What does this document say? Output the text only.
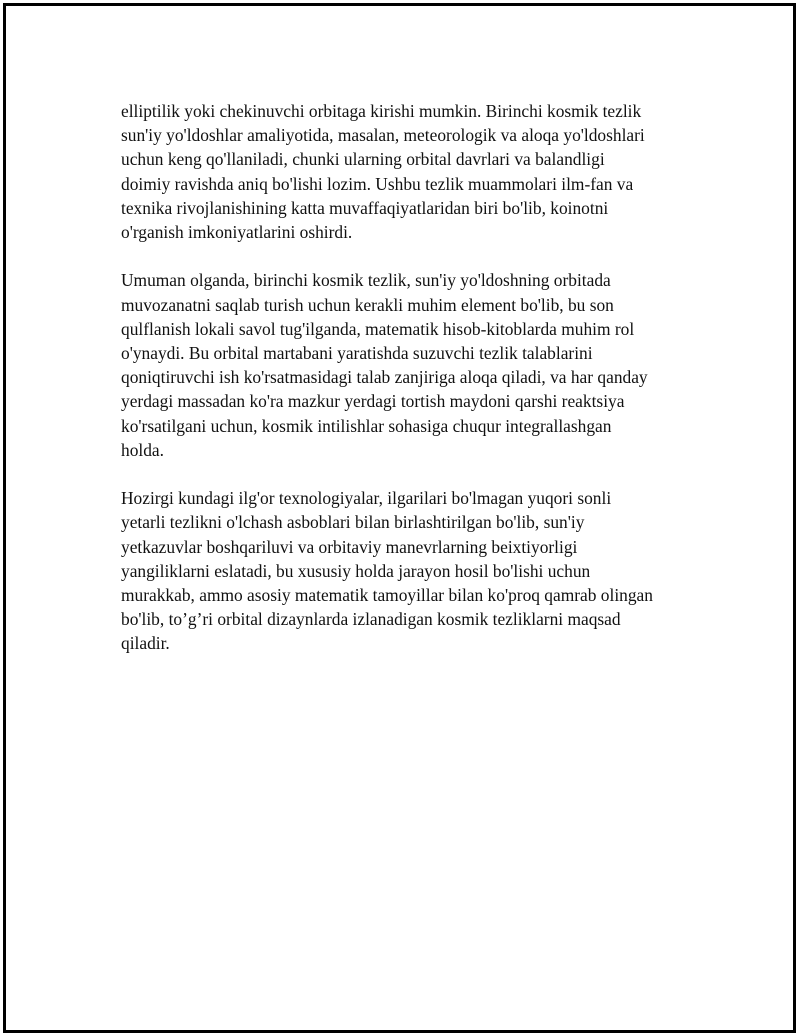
elliptilik yoki chekinuvchi orbitaga kirishi mumkin. Birinchi kosmik tezlik
sun'iy yo'ldoshlar amaliyotida, masalan, meteorologik va aloqa yo'ldoshlari
uchun keng qo'llaniladi, chunki ularning orbital davrlari va balandligi
doimiy ravishda aniq bo'lishi lozim. Ushbu tezlik muammolari ilm-fan va
texnika rivojlanishining katta muvaffaqiyatlaridan biri bo'lib, koinotni
o'rganish imkoniyatlarini oshirdi.

Umuman olganda, birinchi kosmik tezlik, sun'iy yo'ldoshning orbitada
muvozanatni saqlab turish uchun kerakli muhim element bo'lib, bu son
qulflanish lokali savol tug'ilganda, matematik hisob-kitoblarda muhim rol
o'ynaydi. Bu orbital martabani yaratishda suzuvchi tezlik talablarini
qoniqtiruvchi ish ko'rsatmasidagi talab zanjiriga aloqa qiladi, va har qanday
yerdagi massadan ko'ra mazkur yerdagi tortish maydoni qarshi reaktsiya
ko'rsatilgani uchun, kosmik intilishlar sohasiga chuqur integrallashgan
holda.

Hozirgi kundagi ilg'or texnologiyalar, ilgarilari bo'lmagan yuqori sonli
yetarli tezlikni o'lchash asboblari bilan birlashtirilgan bo'lib, sun'iy
yetkazuvlar boshqariluvi va orbitaviy manevrlarning beixtiyorligi
yangiliklarni eslatadi, bu xususiy holda jarayon hosil bo'lishi uchun
murakkab, ammo asosiy matematik tamoyillar bilan ko'proq qamrab olingan
bo'lib, to’g’ri orbital dizaynlarda izlanadigan kosmik tezliklarni maqsad
qiladir.
